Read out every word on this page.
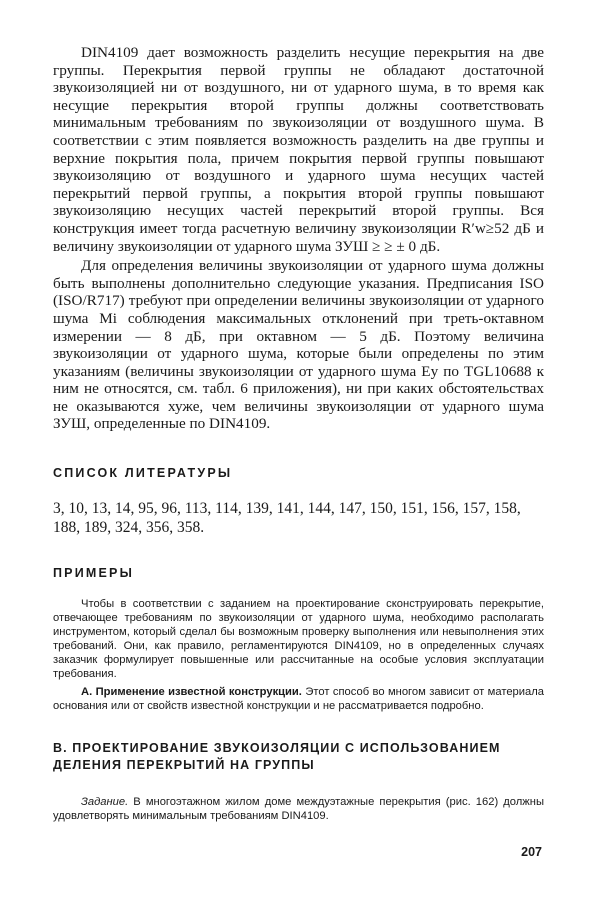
DIN4109 дает возможность разделить несущие перекрытия на две группы. Перекрытия первой группы не обладают достаточной звукоизоляцией ни от воздушного, ни от ударного шума, в то время как несущие перекрытия второй группы должны соответствовать минимальным требованиям по звукоизоляции от воздушного шума. В соответствии с этим появляется возможность разделить на две группы и верхние покрытия пола, причем покрытия первой группы повышают звукоизоляцию от воздушного и ударного шума несущих частей перекрытий первой группы, а покрытия второй группы повышают звукоизоляцию несущих частей перекрытий второй группы. Вся конструкция имеет тогда расчетную величину звукоизоляции R′w≥52 дБ и величину звукоизоляции от ударного шума ЗУШ ≥ ≥ ± 0 дБ.

Для определения величины звукоизоляции от ударного шума должны быть выполнены дополнительно следующие указания. Предписания ISO (ISO/R717) требуют при определении величины звукоизоляции от ударного шума Mi соблюдения максимальных отклонений при треть-октавном измерении — 8 дБ, при октавном — 5 дБ. Поэтому величина звукоизоляции от ударного шума, которые были определены по этим указаниям (величины звукоизоляции от ударного шума Ey по TGL10688 к ним не относятся, см. табл. 6 приложения), ни при каких обстоятельствах не оказываются хуже, чем величины звукоизоляции от ударного шума ЗУШ, определенные по DIN4109.

СПИСОК ЛИТЕРАТУРЫ

3, 10, 13, 14, 95, 96, 113, 114, 139, 141, 144, 147, 150, 151, 156, 157, 158, 188, 189, 324, 356, 358.

ПРИМЕРЫ

Чтобы в соответствии с заданием на проектирование сконструировать перекрытие, отвечающее требованиям по звукоизоляции от ударного шума, необходимо располагать инструментом, который сделал бы возможным проверку выполнения или невыполнения этих требований. Они, как правило, регламентируются DIN4109, но в определенных случаях заказчик формулирует повышенные или рассчитанные на особые условия эксплуатации требования.

А. Применение известной конструкции. Этот способ во многом зависит от материала основания или от свойств известной конструкции и не рассматривается подробно.

B. ПРОЕКТИРОВАНИЕ ЗВУКОИЗОЛЯЦИИ С ИСПОЛЬЗОВАНИЕМ ДЕЛЕНИЯ ПЕРЕКРЫТИЙ НА ГРУППЫ

Задание. В многоэтажном жилом доме междуэтажные перекрытия (рис. 162) должны удовлетворять минимальным требованиям DIN4109.

207
